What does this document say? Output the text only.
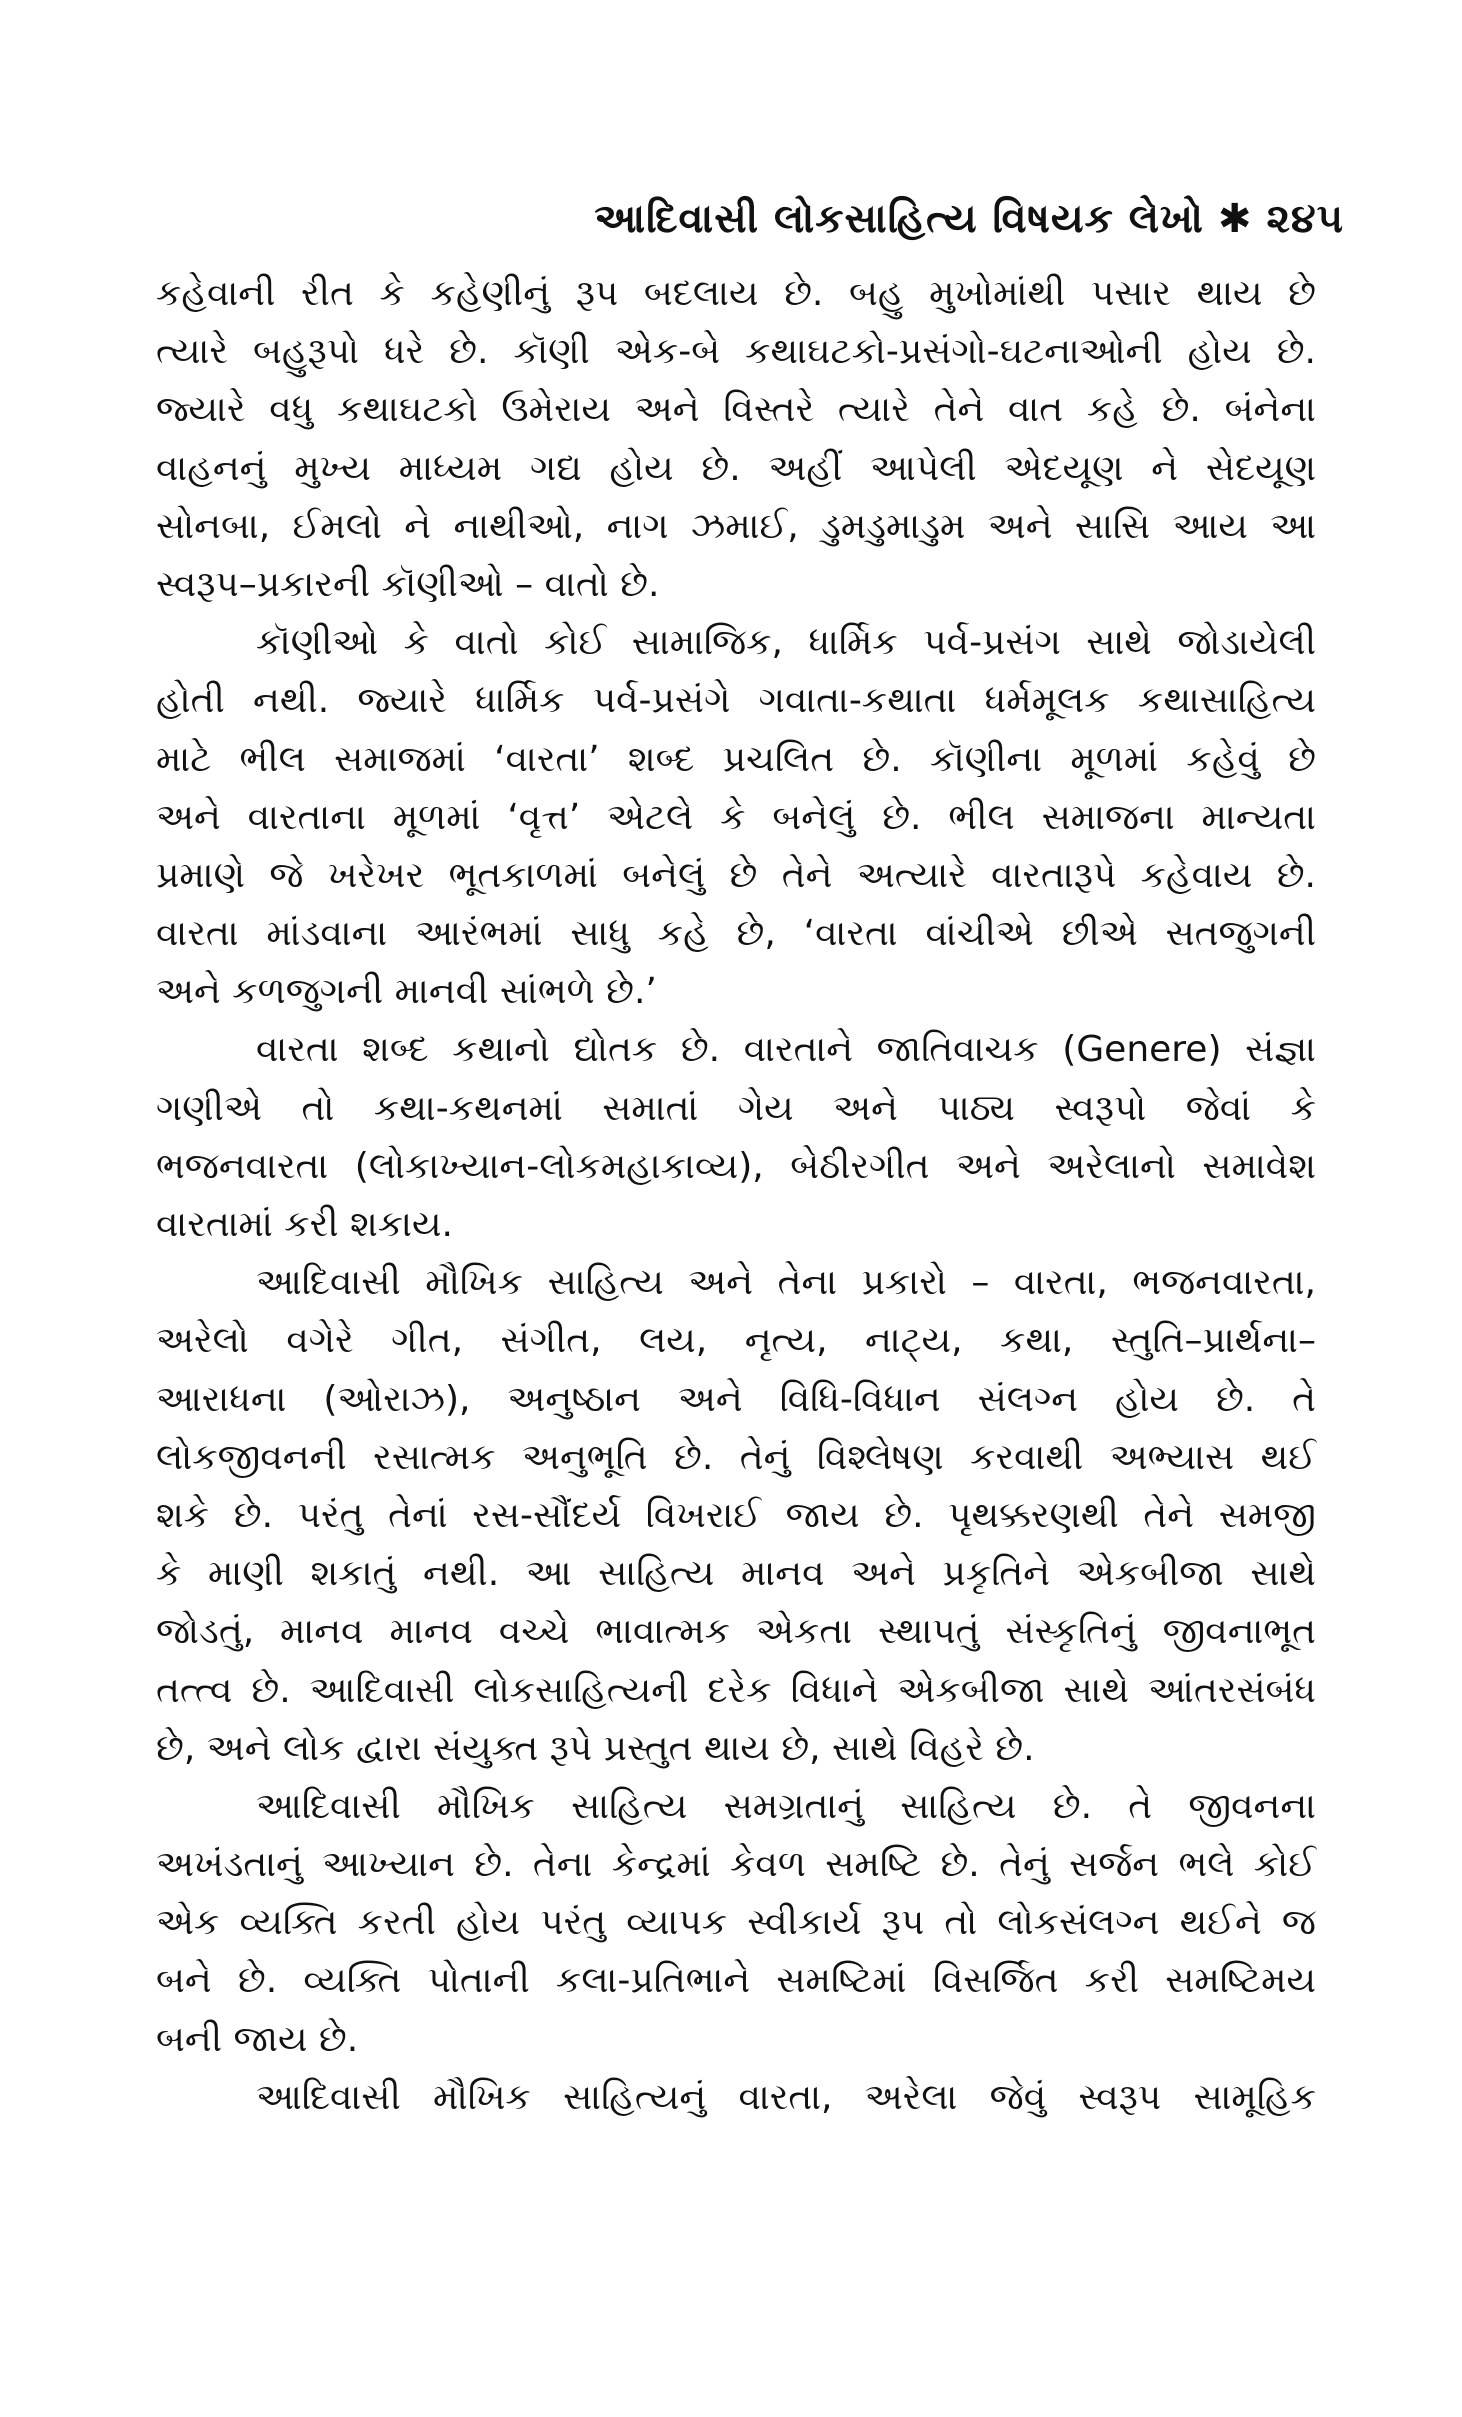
આદિવાસી લોકસાહિત્ય વિષયક લેખો ✱ ૨૪૫
કહેવાની રીત કે કહેણીનું રૂપ બદલાય છે. બહુ મુખોમાંથી પસાર થાય છે
ત્યારે બહુરૂપો ધરે છે. કૉણી એક-બે કથાઘટકો-પ્રસંગો-ઘટનાઓની હોય છે.
જ્યારે વધુ કથાઘટકો ઉમેરાય અને વિસ્તરે ત્યારે તેને વાત કહે છે. બંનેના
વાહનનું મુખ્ય માધ્યમ ગદ્ય હોય છે. અહીં આપેલી એદયૂણ ને સેદયૂણ
સોનબા, ઈમલો ને નાથીઓ, નાગ ઝમાઈ, ડુમડુમાડુમ અને સાસિ આય આ
સ્વરૂપ–પ્રકારની કૉણીઓ – વાતો છે.
કૉણીઓ કે વાતો કોઈ સામાજિક, ધાર્મિક પર્વ-પ્રસંગ સાથે જોડાયેલી
હોતી નથી. જ્યારે ધાર્મિક પર્વ-પ્રસંગે ગવાતા-કથાતા ધર્મમૂલક કથાસાહિત્ય
માટે ભીલ સમાજમાં ‘વારતા’ શબ્દ પ્રચલિત છે. કૉણીના મૂળમાં કહેવું છે
અને વારતાના મૂળમાં ‘વૃત્ત’ એટલે કે બનેલું છે. ભીલ સમાજના માન્યતા
પ્રમાણે જે ખરેખર ભૂતકાળમાં બનેલું છે તેને અત્યારે વારતારૂપે કહેવાય છે.
વારતા માંડવાના આરંભમાં સાધુ કહે છે, ‘વારતા વાંચીએ છીએ સતજુગની
અને કળજુગની માનવી સાંભળે છે.’
વારતા શબ્દ કથાનો દ્યોતક છે. વારતાને જાતિવાચક (Genere) સંજ્ઞા
ગણીએ તો કથા-કથનમાં સમાતાં ગેય અને પાઠ્ય સ્વરૂપો જેવાં કે
ભજનવારતા (લોકાખ્યાન-લોકમહાકાવ્ય), બેઠીરગીત અને અરેલાનો સમાવેશ
વારતામાં કરી શકાય.
આદિવાસી મૌખિક સાહિત્ય અને તેના પ્રકારો – વારતા, ભજનવારતા,
અરેલો વગેરે ગીત, સંગીત, લય, નૃત્ય, નાટ્ય, કથા, સ્તુતિ–પ્રાર્થના–
આરાધના (ઓરાઝ), અનુષ્ઠાન અને વિધિ-વિધાન સંલગ્ન હોય છે. તે
લોકજીવનની રસાત્મક અનુભૂતિ છે. તેનું વિશ્લેષણ કરવાથી અભ્યાસ થઈ
શકે છે. પરંતુ તેનાં રસ-સૌંદર્ય વિખરાઈ જાય છે. પૃથક્કરણથી તેને સમજી
કે માણી શકાતું નથી. આ સાહિત્ય માનવ અને પ્રકૃતિને એકબીજા સાથે
જોડતું, માનવ માનવ વચ્ચે ભાવાત્મક એકતા સ્થાપતું સંસ્કૃતિનું જીવનાભૂત
તત્ત્વ છે. આદિવાસી લોકસાહિત્યની દરેક વિધાને એકબીજા સાથે આંતરસંબંધ
છે, અને લોક દ્વારા સંયુક્ત રૂપે પ્રસ્તુત થાય છે, સાથે વિહરે છે.
આદિવાસી મૌખિક સાહિત્ય સમગ્રતાનું સાહિત્ય છે. તે જીવનના
અખંડતાનું આખ્યાન છે. તેના કેન્દ્રમાં કેવળ સમષ્ટિ છે. તેનું સર્જન ભલે કોઈ
એક વ્યક્તિ કરતી હોય પરંતુ વ્યાપક સ્વીકાર્ય રૂપ તો લોકસંલગ્ન થઈને જ
બને છે. વ્યક્તિ પોતાની કલા-પ્રતિભાને સમષ્ટિમાં વિસર્જિત કરી સમષ્ટિમય
બની જાય છે.
આદિવાસી મૌખિક સાહિત્યનું વારતા, અરેલા જેવું સ્વરૂપ સામૂહિક
